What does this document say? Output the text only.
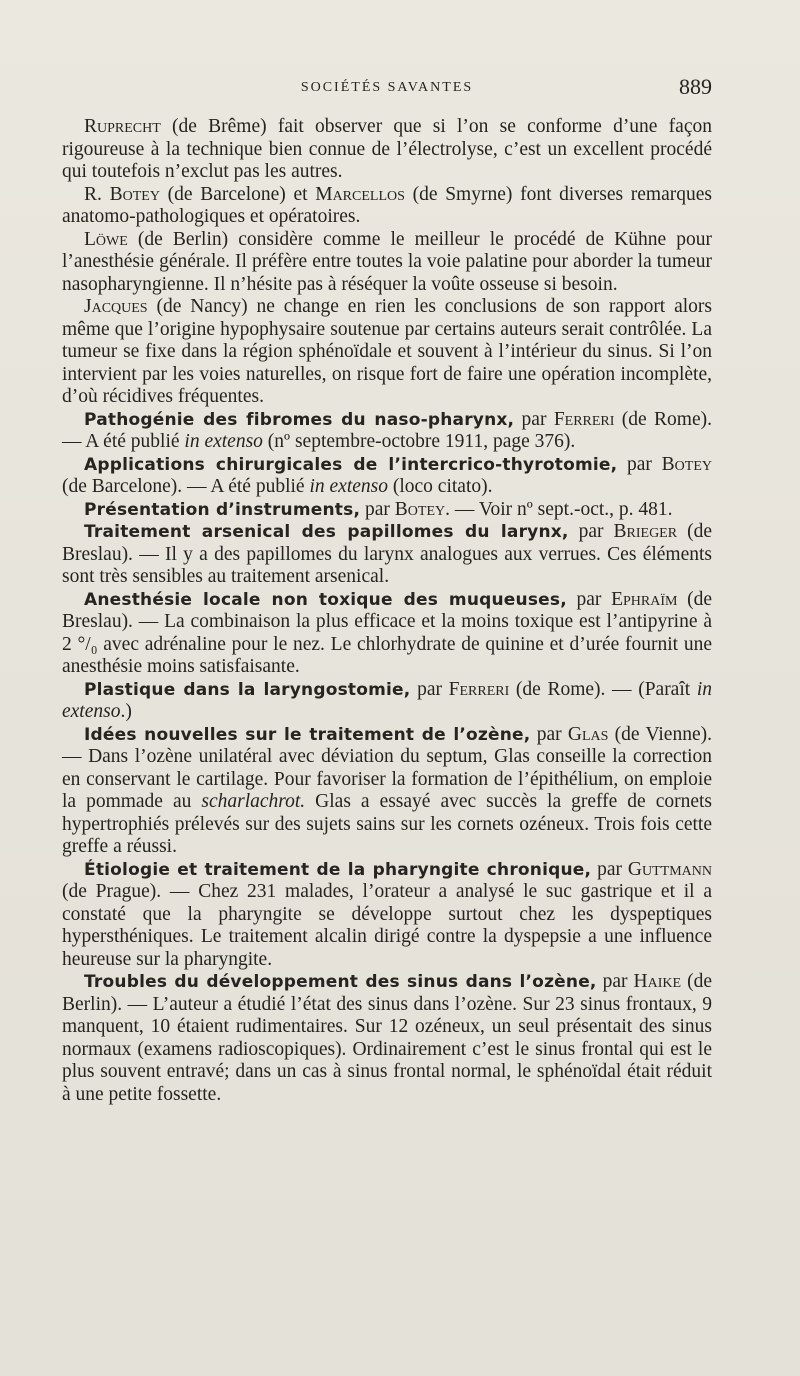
SOCIÉTÉS SAVANTES	889

Ruprecht (de Brême) fait observer que si l’on se conforme d’une façon rigoureuse à la technique bien connue de l’électrolyse, c’est un excellent procédé qui toutefois n’exclut pas les autres.

R. Botey (de Barcelone) et Marcellos (de Smyrne) font diverses remarques anatomo-pathologiques et opératoires.

Löwe (de Berlin) considère comme le meilleur le procédé de Kühne pour l’anesthésie générale. Il préfère entre toutes la voie palatine pour aborder la tumeur nasopharyngienne. Il n’hésite pas à réséquer la voûte osseuse si besoin.

Jacques (de Nancy) ne change en rien les conclusions de son rapport alors même que l’origine hypophysaire soutenue par certains auteurs serait contrôlée. La tumeur se fixe dans la région sphénoïdale et souvent à l’intérieur du sinus. Si l’on intervient par les voies naturelles, on risque fort de faire une opération incomplète, d’où récidives fréquentes.

Pathogénie des fibromes du naso-pharynx, par Ferreri (de Rome). — A été publié in extenso (nº septembre-octobre 1911, page 376).

Applications chirurgicales de l’intercrico-thyrotomie, par Botey (de Barcelone). — A été publié in extenso (loco citato).

Présentation d’instruments, par Botey. — Voir nº sept.-oct., p. 481.

Traitement arsenical des papillomes du larynx, par Brieger (de Breslau). — Il y a des papillomes du larynx analogues aux verrues. Ces éléments sont très sensibles au traitement arsenical.

Anesthésie locale non toxique des muqueuses, par Ephraïm (de Breslau). — La combinaison la plus efficace et la moins toxique est l’antipyrine à 2 °/₀ avec adrénaline pour le nez. Le chlorhydrate de quinine et d’urée fournit une anesthésie moins satisfaisante.

Plastique dans la laryngostomie, par Ferreri (de Rome). — (Paraît in extenso.)

Idées nouvelles sur le traitement de l’ozène, par Glas (de Vienne). — Dans l’ozène unilatéral avec déviation du septum, Glas conseille la correction en conservant le cartilage. Pour favoriser la formation de l’épithélium, on emploie la pommade au scharlachrot. Glas a essayé avec succès la greffe de cornets hypertrophiés prélevés sur des sujets sains sur les cornets ozéneux. Trois fois cette greffe a réussi.

Étiologie et traitement de la pharyngite chronique, par Guttmann (de Prague). — Chez 231 malades, l’orateur a analysé le suc gastrique et il a constaté que la pharyngite se développe surtout chez les dyspeptiques hypersthéniques. Le traitement alcalin dirigé contre la dyspepsie a une influence heureuse sur la pharyngite.

Troubles du développement des sinus dans l’ozène, par Haike (de Berlin). — L’auteur a étudié l’état des sinus dans l’ozène. Sur 23 sinus frontaux, 9 manquent, 10 étaient rudimentaires. Sur 12 ozéneux, un seul présentait des sinus normaux (examens radioscopiques). Ordinairement c’est le sinus frontal qui est le plus souvent entravé; dans un cas à sinus frontal normal, le sphénoïdal était réduit à une petite fossette.
